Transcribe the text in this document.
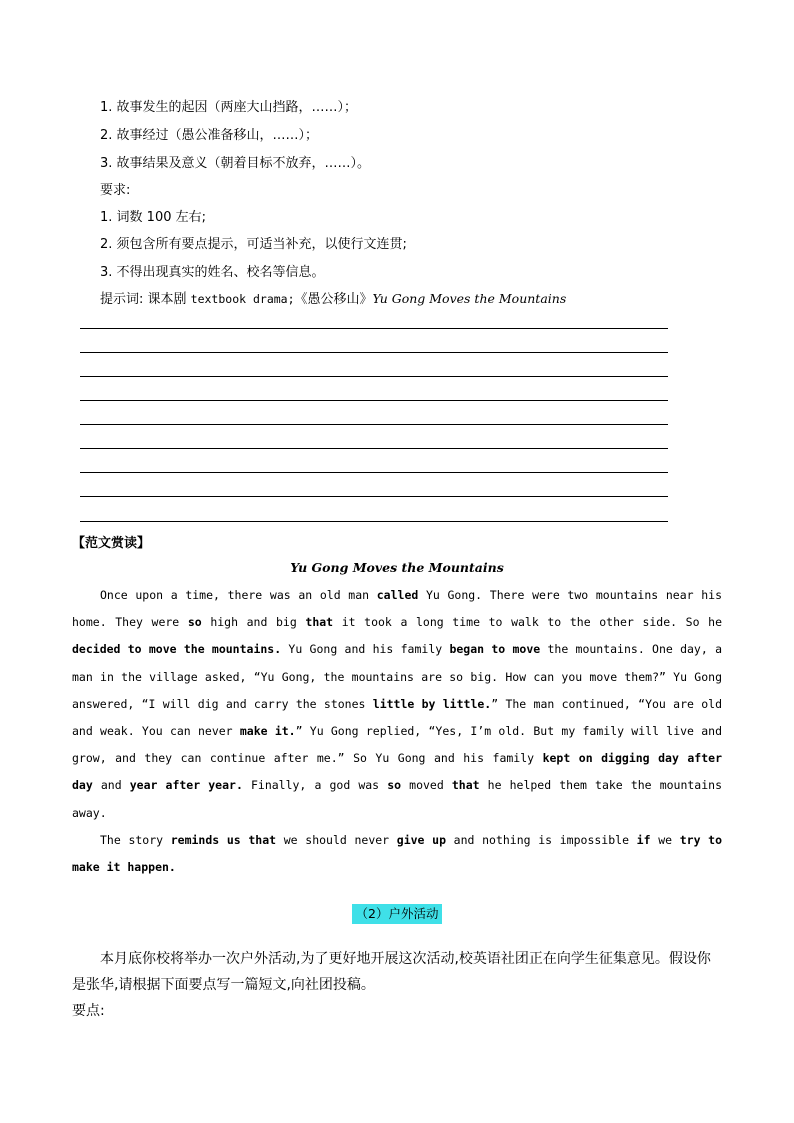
1. 故事发生的起因（两座大山挡路，……）；
2. 故事经过（愚公准备移山，……）；
3. 故事结果及意义（朝着目标不放弃，……）。
要求:
1. 词数 100 左右;
2. 须包含所有要点提示，可适当补充，以使行文连贯;
3. 不得出现真实的姓名、校名等信息。
提示词: 课本剧 textbook drama;《愚公移山》Yu Gong Moves the Mountains
【范文赏读】
Yu Gong Moves the Mountains

Once upon a time, there was an old man called Yu Gong. There were two mountains near his home. They were so high and big that it took a long time to walk to the other side. So he decided to move the mountains. Yu Gong and his family began to move the mountains. One day, a man in the village asked, “Yu Gong, the mountains are so big. How can you move them?” Yu Gong answered, “I will dig and carry the stones little by little.” The man continued, “You are old and weak. You can never make it.” Yu Gong replied, “Yes, I’m old. But my family will live and grow, and they can continue after me.” So Yu Gong and his family kept on digging day after day and year after year. Finally, a god was so moved that he helped them take the mountains away.

The story reminds us that we should never give up and nothing is impossible if we try to make it happen.

（2）户外活动

本月底你校将举办一次户外活动,为了更好地开展这次活动,校英语社团正在向学生征集意见。假设你是张华,请根据下面要点写一篇短文,向社团投稿。

要点:
